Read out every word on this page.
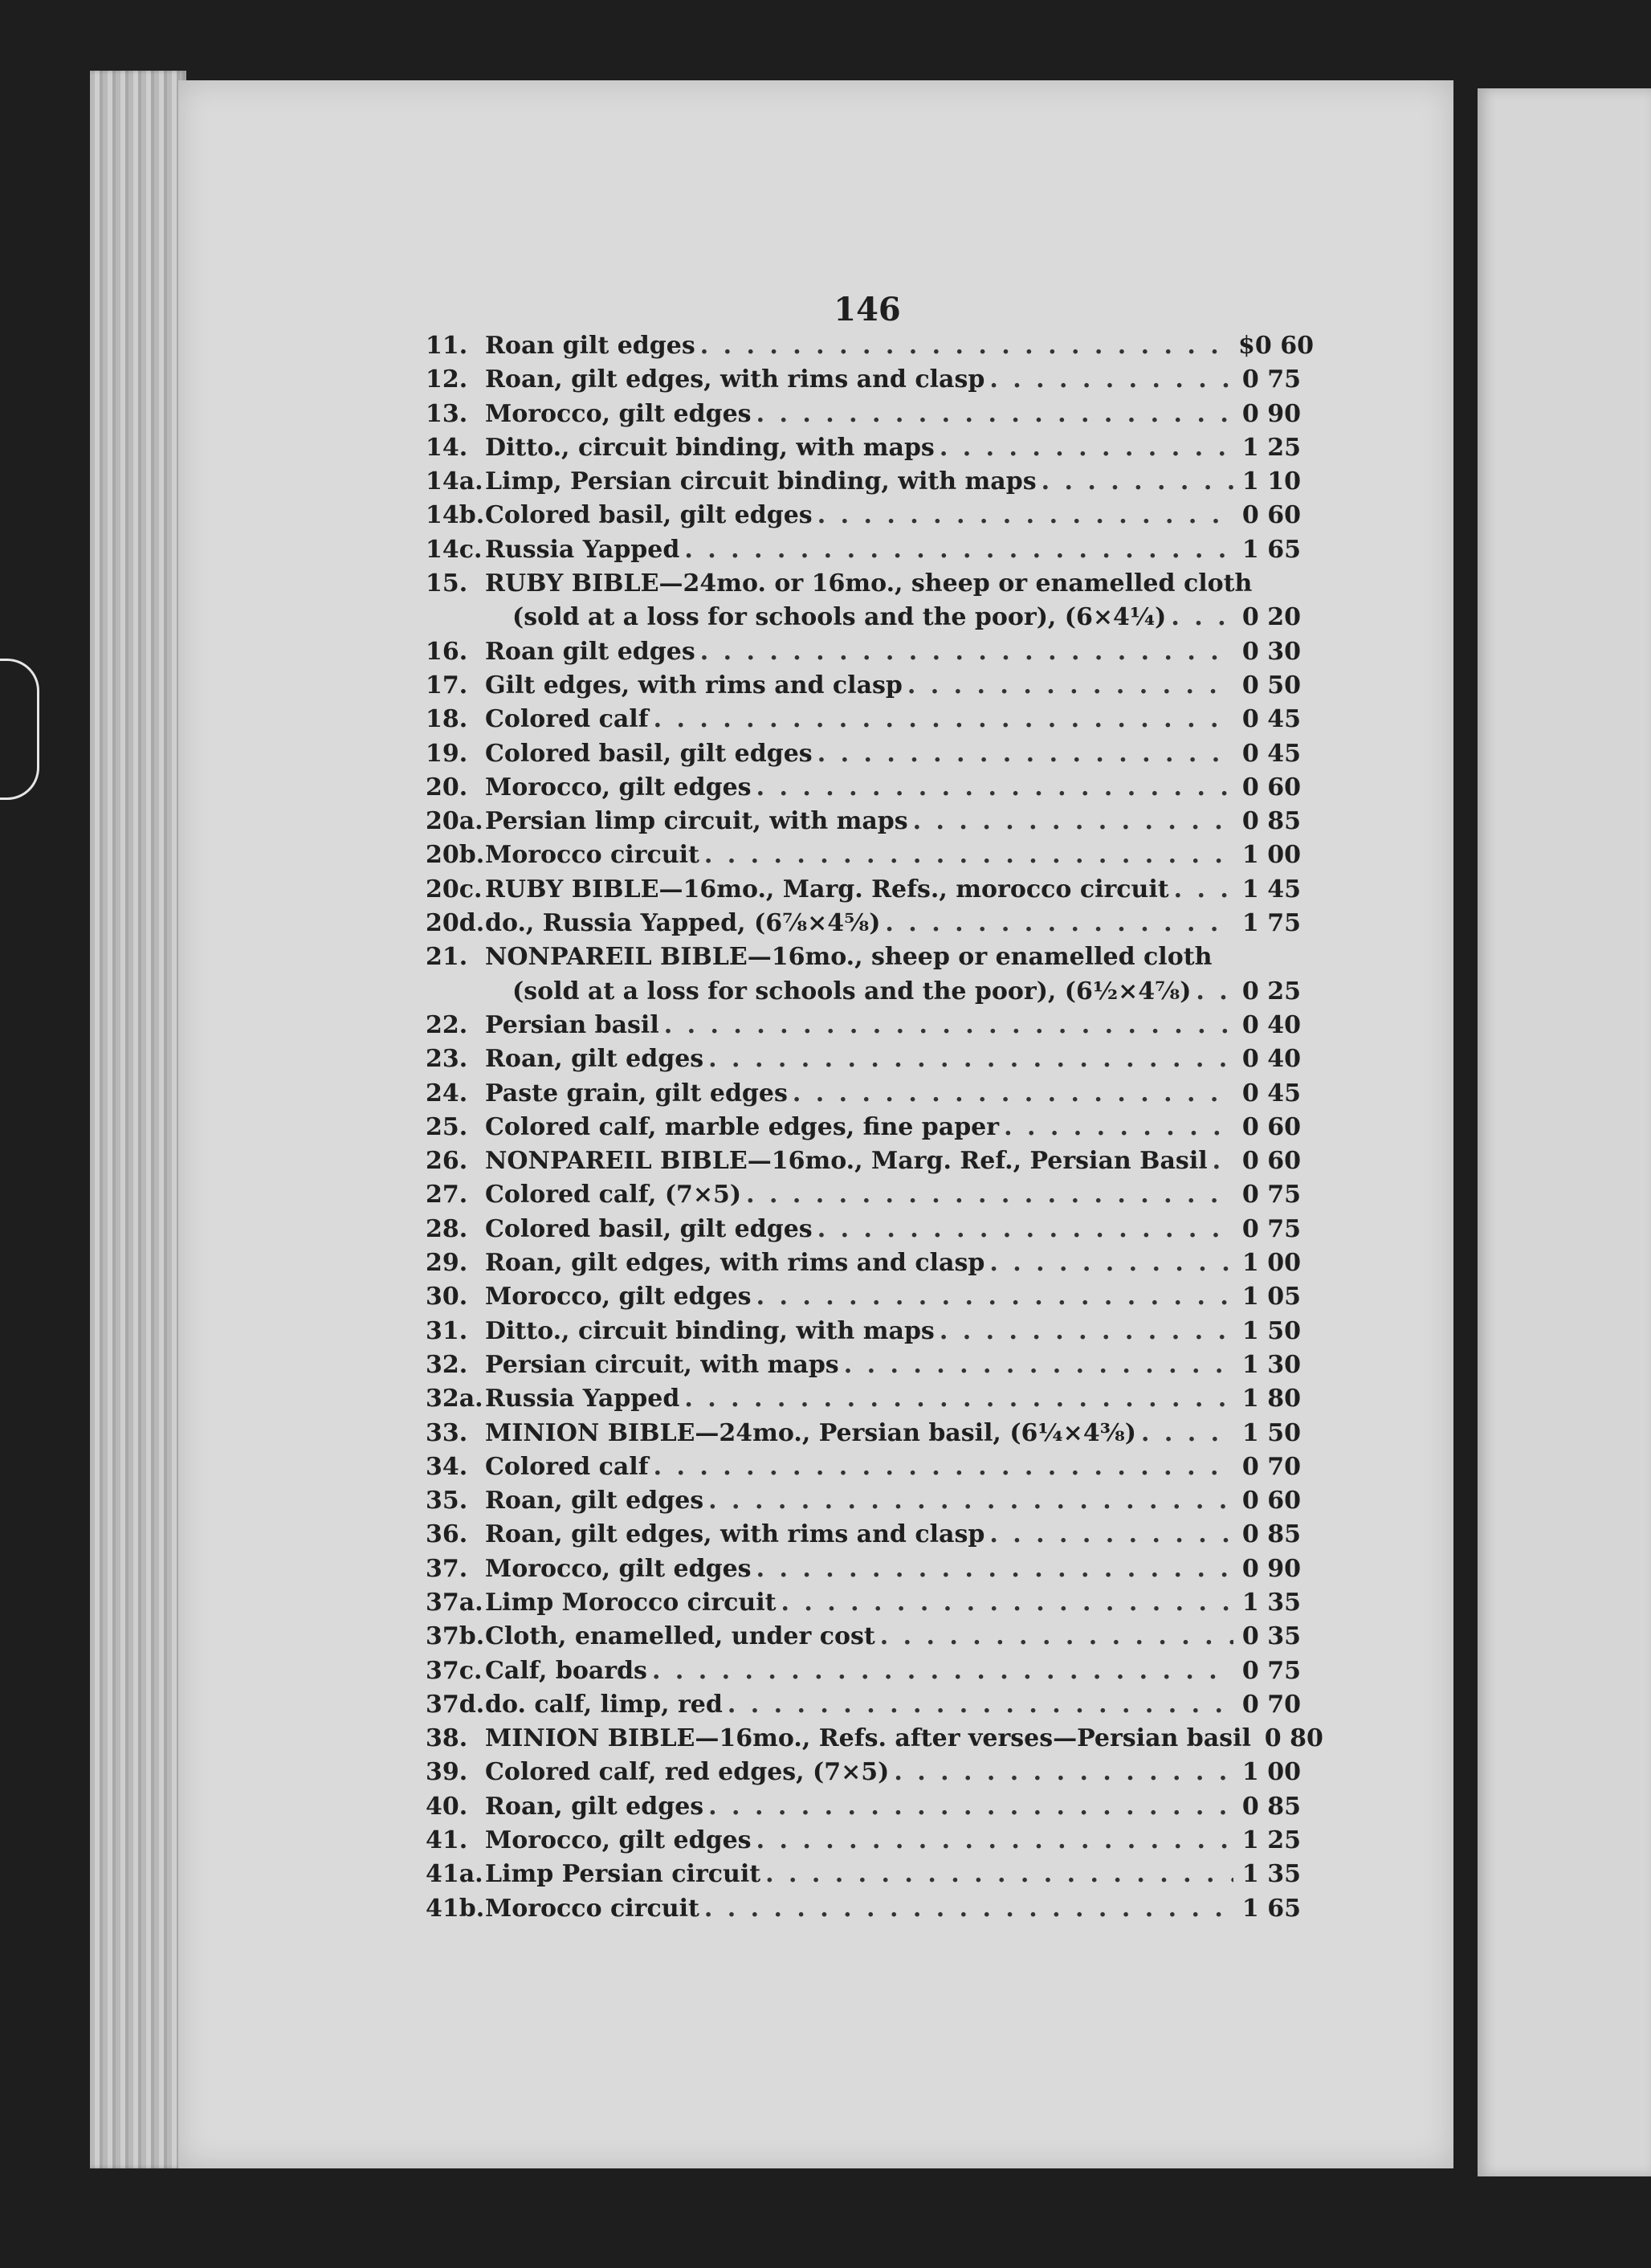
146
11. Roan gilt edges . . .	$0 60
12. Roan, gilt edges, with rims and clasp . . .	0 75
13. Morocco, gilt edges . . .	0 90
14. Ditto., circuit binding, with maps . . .	1 25
14a. Limp, Persian circuit binding, with maps . . .	1 10
14b. Colored basil, gilt edges . . .	0 60
14c. Russia Yapped . . .	1 65
15. RUBY BIBLE—24mo. or 16mo., sheep or enamelled cloth
(sold at a loss for schools and the poor), (6×4¼) . . .	0 20
16. Roan gilt edges . . .	0 30
17. Gilt edges, with rims and clasp . . .	0 50
18. Colored calf . . .	0 45
19. Colored basil, gilt edges . . .	0 45
20. Morocco, gilt edges . . .	0 60
20a. Persian limp circuit, with maps . . .	0 85
20b. Morocco circuit . . .	1 00
20c. RUBY BIBLE—16mo., Marg. Refs., morocco circuit . . .	1 45
20d. do., Russia Yapped, (6⅞×4⅝) . . .	1 75
21. NONPAREIL BIBLE—16mo., sheep or enamelled cloth
(sold at a loss for schools and the poor), (6½×4⅞) . . . 0 25
22. Persian basil . . .	0 40
23. Roan, gilt edges . . .	0 40
24. Paste grain, gilt edges . . .	0 45
25. Colored calf, marble edges, fine paper . . .	0 60
26. NONPAREIL BIBLE—16mo., Marg. Ref., Persian Basil . . . 0 60
27. Colored calf, (7×5) . . .	0 75
28. Colored basil, gilt edges . . .	0 75
29. Roan, gilt edges, with rims and clasp . . .	1 00
30. Morocco, gilt edges . . .	1 05
31. Ditto., circuit binding, with maps . . .	1 50
32. Persian circuit, with maps . . .	1 30
32a. Russia Yapped . . .	1 80
33. MINION BIBLE—24mo., Persian basil, (6¼×4⅜) . . .	1 50
34. Colored calf . . .	0 70
35. Roan, gilt edges . . .	0 60
36. Roan, gilt edges, with rims and clasp . . .	0 85
37. Morocco, gilt edges . . .	0 90
37a. Limp Morocco circuit . . .	1 35
37b. Cloth, enamelled, under cost . . .	0 35
37c. Calf, boards . . .	0 75
37d. do. calf, limp, red . . .	0 70
38. MINION BIBLE—16mo., Refs. after verses—Persian basil 0 80
39. Colored calf, red edges, (7×5) . . .	1 00
40. Roan, gilt edges . . .	0 85
41. Morocco, gilt edges . . .	1 25
41a. Limp Persian circuit . . .	1 35
41b. Morocco circuit . . .	1 65
